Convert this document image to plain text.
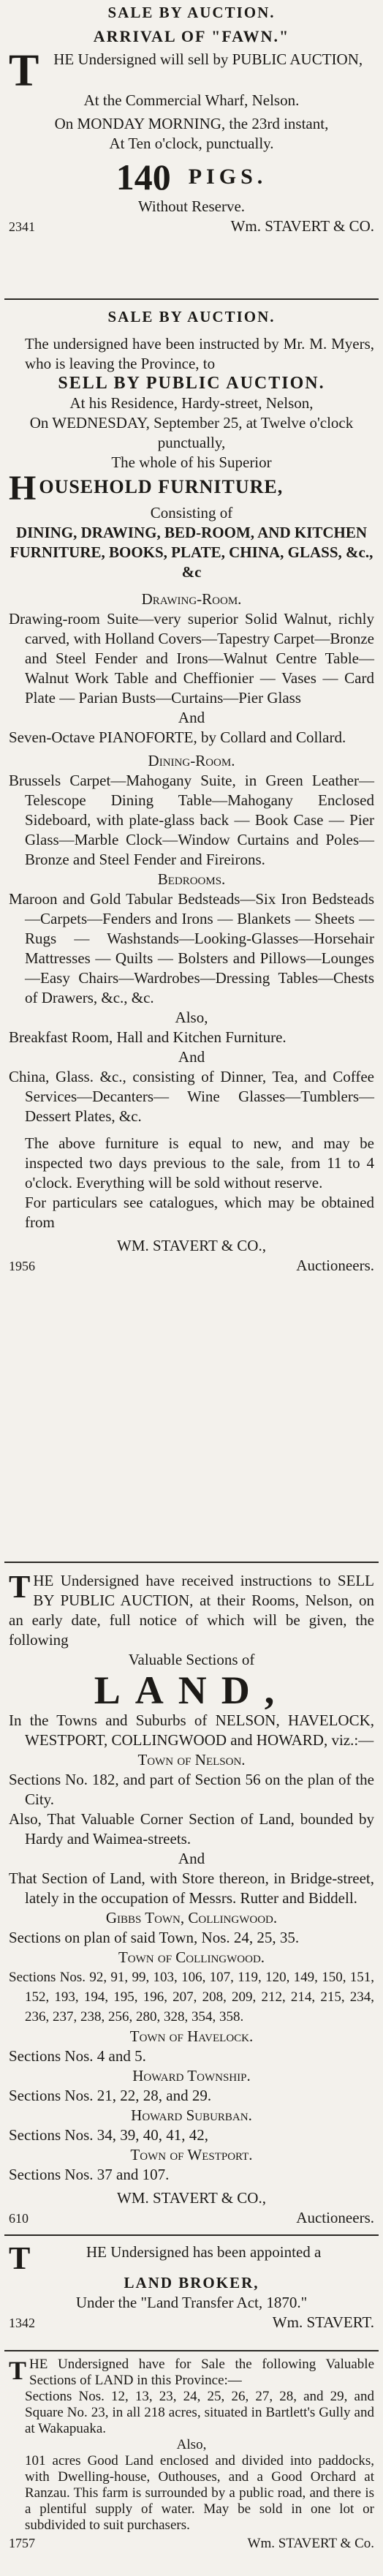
SALE BY AUCTION.

ARRIVAL OF "FAWN."

T HE Undersigned will sell by PUBLIC AUCTION,

At the Commercial Wharf, Nelson.

On MONDAY MORNING, the 23rd instant,

At Ten o'clock, punctually.

140 PIGS.

Without Reserve.

2341	Wm. STAVERT & CO.

SALE BY AUCTION.

The undersigned have been instructed by Mr. M. Myers, who is leaving the Province, to

SELL BY PUBLIC AUCTION.

At his Residence, Hardy-street, Nelson,

On WEDNESDAY, September 25, at Twelve o'clock punctually,

The whole of his Superior

H OUSEHOLD FURNITURE,

Consisting of

DINING, DRAWING, BED-ROOM, AND KITCHEN FURNITURE, BOOKS, PLATE, CHINA, GLASS, &c., &c

Drawing-Room.

Drawing-room Suite—very superior Solid Walnut, richly carved, with Holland Covers—Tapestry Carpet—Bronze and Steel Fender and Irons—Walnut Centre Table—Walnut Work Table and Cheffionier — Vases — Card Plate — Parian Busts—Curtains—Pier Glass

And

Seven-Octave PIANOFORTE, by Collard and Collard.

Dining-Room.

Brussels Carpet—Mahogany Suite, in Green Leather—Telescope Dining Table—Mahogany Enclosed Sideboard, with plate-glass back — Book Case — Pier Glass—Marble Clock—Window Curtains and Poles—Bronze and Steel Fender and Fireirons.

Bedrooms.

Maroon and Gold Tabular Bedsteads—Six Iron Bedsteads—Carpets—Fenders and Irons — Blankets — Sheets — Rugs — Washstands—Looking-Glasses—Horsehair Mattresses — Quilts — Bolsters and Pillows—Lounges—Easy Chairs—Wardrobes—Dressing Tables—Chests of Drawers, &c., &c.

Also,

Breakfast Room, Hall and Kitchen Furniture.

And

China, Glass. &c., consisting of Dinner, Tea, and Coffee Services—Decanters— Wine Glasses—Tumblers—Dessert Plates, &c.

The above furniture is equal to new, and may be inspected two days previous to the sale, from 11 to 4 o'clock. Everything will be sold without reserve.

For particulars see catalogues, which may be obtained from

WM. STAVERT & CO.,

1956	Auctioneers.
T HE Undersigned have received instructions to SELL BY PUBLIC AUCTION, at their Rooms, Nelson, on an early date, full notice of which will be given, the following

Valuable Sections of

LAND,

In the Towns and Suburbs of NELSON, HAVELOCK, WESTPORT, COLLINGWOOD and HOWARD, viz.:—

Town of Nelson.

Sections No. 182, and part of Section 56 on the plan of the City.

Also, That Valuable Corner Section of Land, bounded by Hardy and Waimea-streets.

And

That Section of Land, with Store thereon, in Bridge-street, lately in the occupation of Messrs. Rutter and Biddell.

Gibbs Town, Collingwood.

Sections on plan of said Town, Nos. 24, 25, 35.

Town of Collingwood.

Sections Nos. 92, 91, 99, 103, 106, 107, 119, 120, 149, 150, 151, 152, 193, 194, 195, 196, 207, 208, 209, 212, 214, 215, 234, 236, 237, 238, 256, 280, 328, 354, 358.

Town of Havelock.

Sections Nos. 4 and 5.

Howard Township.

Sections Nos. 21, 22, 28, and 29.

Howard Suburban.

Sections Nos. 34, 39, 40, 41, 42,

Town of Westport.

Sections Nos. 37 and 107.

WM. STAVERT & CO.,

610	Auctioneers.
T	HE Undersigned has been appointed a

LAND BROKER,

Under the "Land Transfer Act, 1870."

1342	Wm. STAVERT.
T HE Undersigned have for Sale the following Valuable Sections of LAND in this Province:—

Sections Nos. 12, 13, 23, 24, 25, 26, 27, 28, and 29, and Square No. 23, in all 218 acres, situated in Bartlett's Gully and at Wakapuaka.

Also,

101 acres Good Land enclosed and divided into paddocks, with Dwelling-house, Outhouses, and a Good Orchard at Ranzau. This farm is surrounded by a public road, and there is a plentiful supply of water. May be sold in one lot or subdivided to suit purchasers.

1757	Wm. STAVERT & Co.
